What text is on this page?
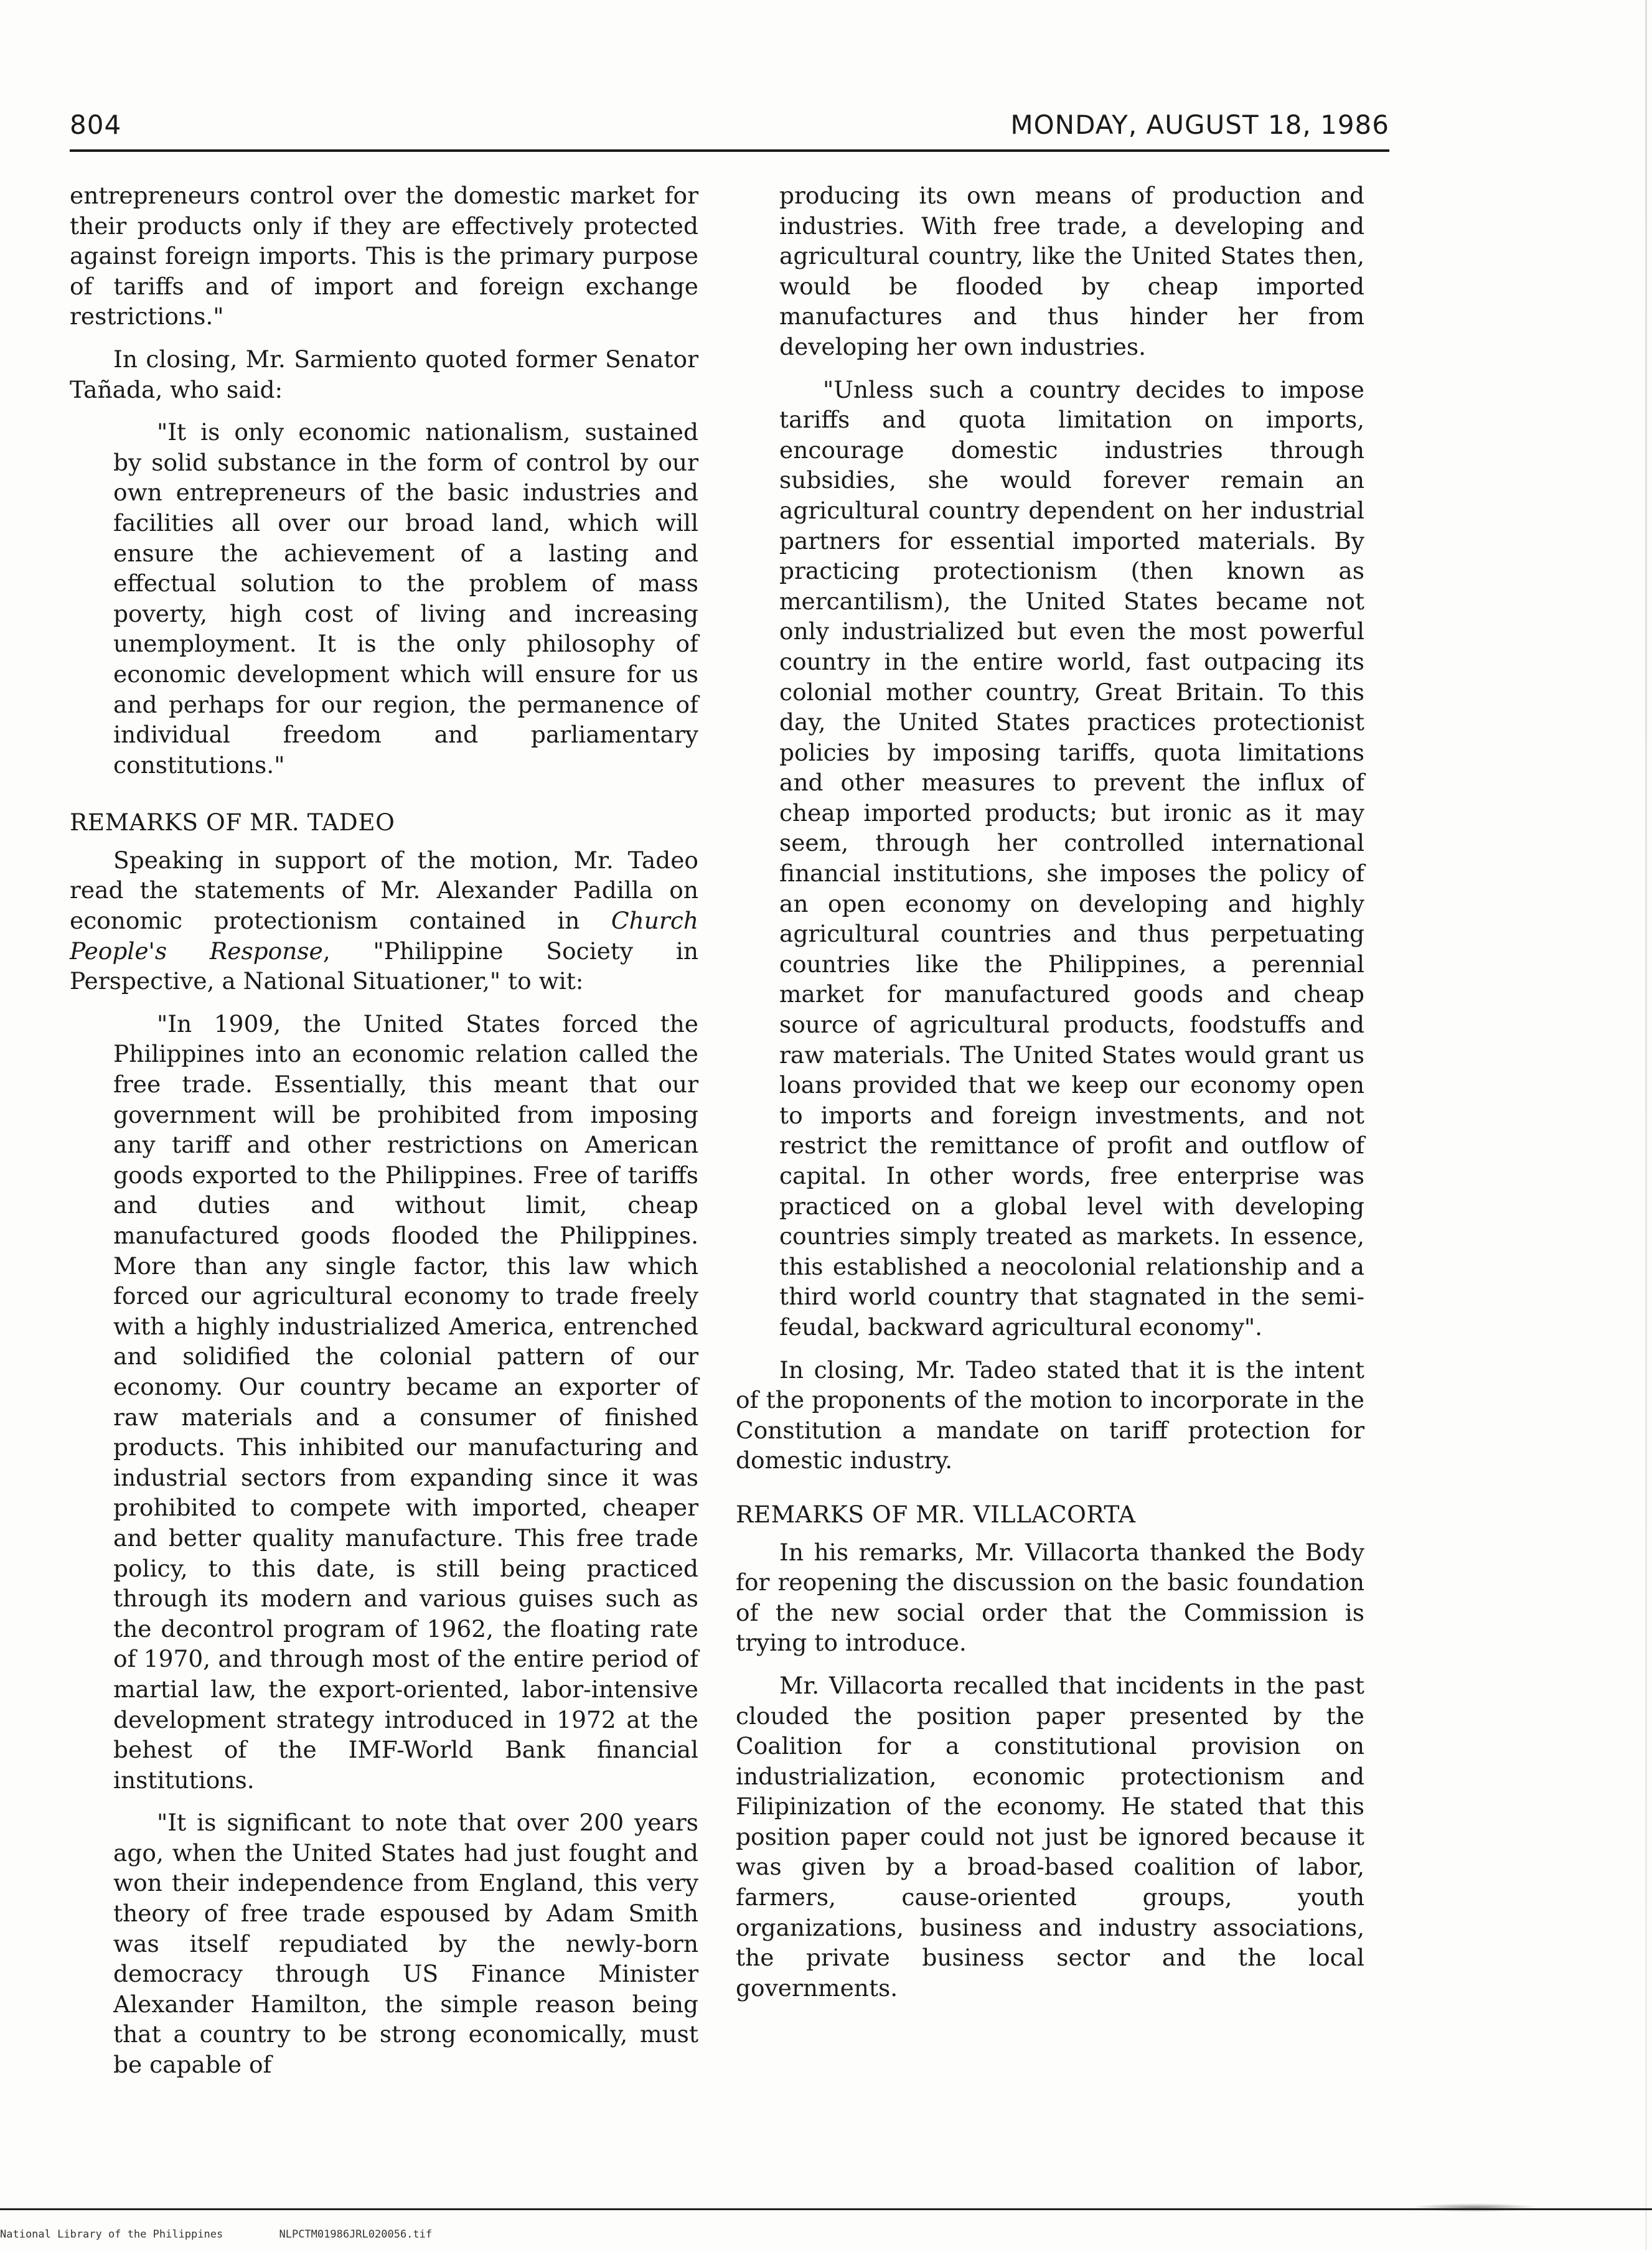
804	MONDAY, AUGUST 18, 1986

entrepreneurs control over the domestic market for their products only if they are effectively protected against foreign imports. This is the primary purpose of tariffs and of import and foreign exchange restrictions."

In closing, Mr. Sarmiento quoted former Senator Tañada, who said:

"It is only economic nationalism, sustained by solid substance in the form of control by our own entrepreneurs of the basic industries and facilities all over our broad land, which will ensure the achievement of a lasting and effectual solution to the problem of mass poverty, high cost of living and increasing unemployment. It is the only philosophy of economic development which will ensure for us and perhaps for our region, the permanence of individual freedom and parliamentary constitutions."

REMARKS OF MR. TADEO

Speaking in support of the motion, Mr. Tadeo read the statements of Mr. Alexander Padilla on economic protectionism contained in Church People's Response, "Philippine Society in Perspective, a National Situationer," to wit:

"In 1909, the United States forced the Philippines into an economic relation called the free trade. Essentially, this meant that our government will be prohibited from imposing any tariff and other restrictions on American goods exported to the Philippines. Free of tariffs and duties and without limit, cheap manufactured goods flooded the Philippines. More than any single factor, this law which forced our agricultural economy to trade freely with a highly industrialized America, entrenched and solidified the colonial pattern of our economy. Our country became an exporter of raw materials and a consumer of finished products. This inhibited our manufacturing and industrial sectors from expanding since it was prohibited to compete with imported, cheaper and better quality manufacture. This free trade policy, to this date, is still being practiced through its modern and various guises such as the decontrol program of 1962, the floating rate of 1970, and through most of the entire period of martial law, the export-oriented, labor-intensive development strategy introduced in 1972 at the behest of the IMF-World Bank financial institutions.

"It is significant to note that over 200 years ago, when the United States had just fought and won their independence from England, this very theory of free trade espoused by Adam Smith was itself repudiated by the newly-born democracy through US Finance Minister Alexander Hamilton, the simple reason being that a country to be strong economically, must be capable of

producing its own means of production and industries. With free trade, a developing and agricultural country, like the United States then, would be flooded by cheap imported manufactures and thus hinder her from developing her own industries.

"Unless such a country decides to impose tariffs and quota limitation on imports, encourage domestic industries through subsidies, she would forever remain an agricultural country dependent on her industrial partners for essential imported materials. By practicing protectionism (then known as mercantilism), the United States became not only industrialized but even the most powerful country in the entire world, fast outpacing its colonial mother country, Great Britain. To this day, the United States practices protectionist policies by imposing tariffs, quota limitations and other measures to prevent the influx of cheap imported products; but ironic as it may seem, through her controlled international financial institutions, she imposes the policy of an open economy on developing and highly agricultural countries and thus perpetuating countries like the Philippines, a perennial market for manufactured goods and cheap source of agricultural products, foodstuffs and raw materials. The United States would grant us loans provided that we keep our economy open to imports and foreign investments, and not restrict the remittance of profit and outflow of capital. In other words, free enterprise was practiced on a global level with developing countries simply treated as markets. In essence, this established a neocolonial relationship and a third world country that stagnated in the semi-feudal, backward agricultural economy".

In closing, Mr. Tadeo stated that it is the intent of the proponents of the motion to incorporate in the Constitution a mandate on tariff protection for domestic industry.

REMARKS OF MR. VILLACORTA

In his remarks, Mr. Villacorta thanked the Body for reopening the discussion on the basic foundation of the new social order that the Commission is trying to introduce.

Mr. Villacorta recalled that incidents in the past clouded the position paper presented by the Coalition for a constitutional provision on industrialization, economic protectionism and Filipinization of the economy. He stated that this position paper could not just be ignored because it was given by a broad-based coalition of labor, farmers, cause-oriented groups, youth organizations, business and industry associations, the private business sector and the local governments.

National Library of the Philippines	NLPCTM01986JRL020056.tif
